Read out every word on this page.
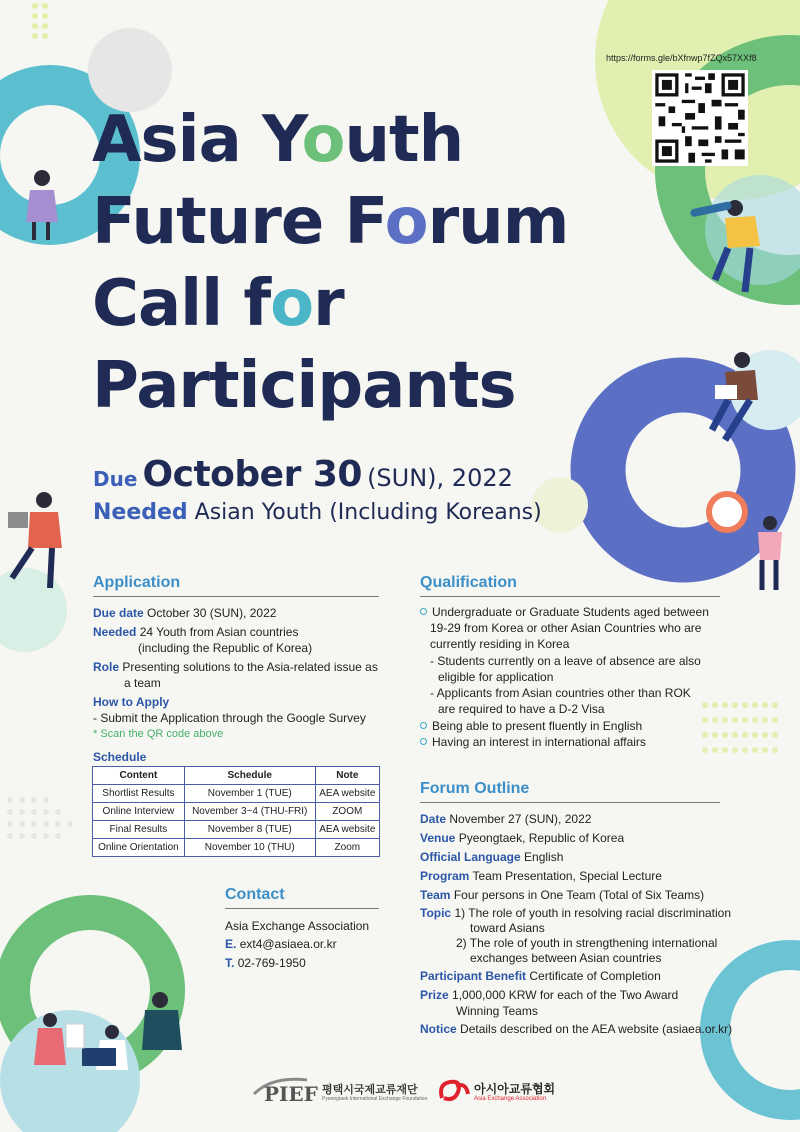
https://forms.gle/bXfnwp7fZQx57XXf8
Asia Youth
Future Forum
Call for
Participants
Due October 30 (SUN), 2022
Needed Asian Youth (Including Koreans)
Application
Due date October 30 (SUN), 2022
Needed 24 Youth from Asian countries
(including the Republic of Korea)
Role Presenting solutions to the Asia-related issue as
a team
How to Apply
- Submit the Application through the Google Survey
* Scan the QR code above
Schedule
Content	Schedule	Note
Shortlist Results	November 1 (TUE)	AEA website
Online Interview	November 3~4 (THU-FRI)	ZOOM
Final Results	November 8 (TUE)	AEA website
Online Orientation	November 10 (THU)	Zoom
Qualification
Undergraduate or Graduate Students aged between
19-29 from Korea or other Asian Countries who are
currently residing in Korea
- Students currently on a leave of absence are also
eligible for application
- Applicants from Asian countries other than ROK
are required to have a D-2 Visa
Being able to present fluently in English
Having an interest in international affairs
Contact
Asia Exchange Association
E. ext4@asiaea.or.kr
T. 02-769-1950
Forum Outline
Date November 27 (SUN), 2022
Venue Pyeongtaek, Republic of Korea
Official Language English
Program Team Presentation, Special Lecture
Team Four persons in One Team (Total of Six Teams)
Topic 1) The role of youth in resolving racial discrimination
toward Asians
2) The role of youth in strengthening international
exchanges between Asian countries
Participant Benefit Certificate of Completion
Prize 1,000,000 KRW for each of the Two Award
Winning Teams
Notice Details described on the AEA website (asiaea.or.kr)
PIEF 평택시국제교류재단
Pyeongtaek International Exchange Foundation
아시아교류협회
Asia Exchange Association
